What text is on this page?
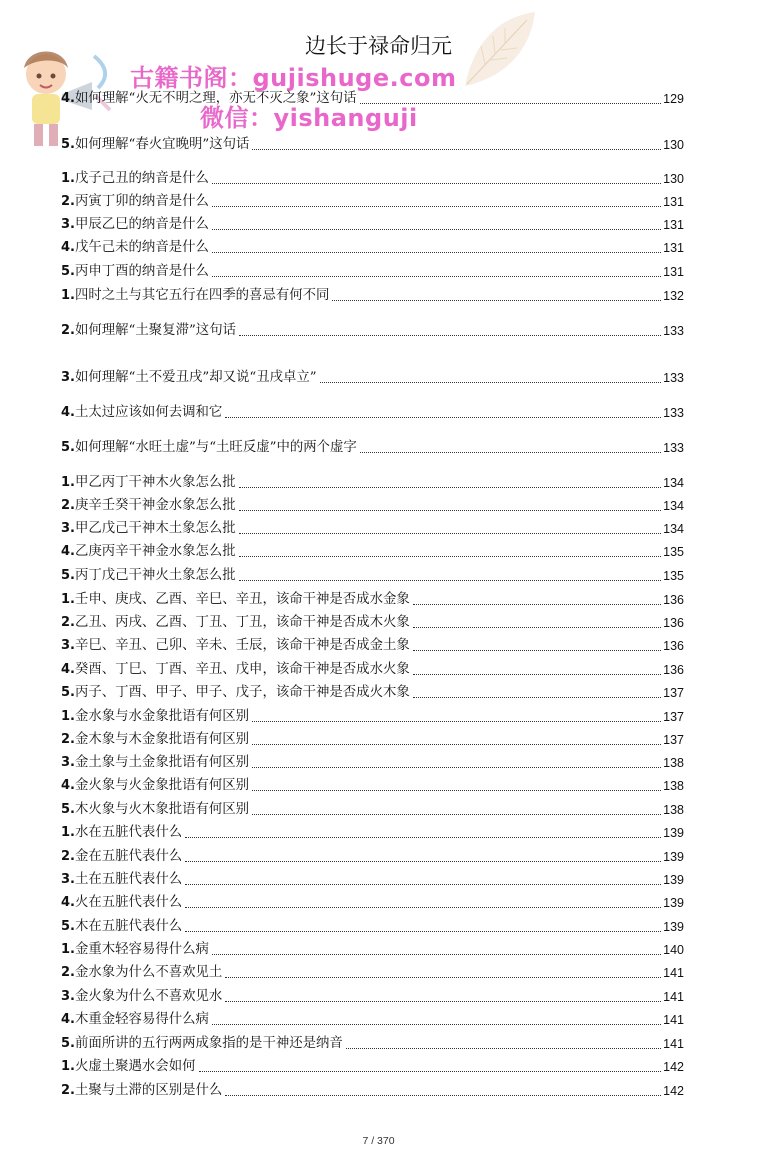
边长于禄命归元
古籍书阁：gujishuge.com
微信：yishanguji
4. 如何理解“火无不明之理，亦无不灭之象”这句话	129
5. 如何理解“春火宜晚明”这句话	130
1. 戊子己丑的纳音是什么	130
2. 丙寅丁卯的纳音是什么	131
3. 甲辰乙巳的纳音是什么	131
4. 戊午己未的纳音是什么	131
5. 丙申丁酉的纳音是什么	131
1. 四时之土与其它五行在四季的喜忌有何不同	132
2. 如何理解“土聚复滞”这句话	133
3. 如何理解“土不爱丑戌”却又说“丑戌卓立”	133
4. 土太过应该如何去调和它	133
5. 如何理解“水旺土虚”与“土旺反虚”中的两个虚字	133
1. 甲乙丙丁干神木火象怎么批	134
2. 庚辛壬癸干神金水象怎么批	134
3. 甲乙戊己干神木土象怎么批	134
4. 乙庚丙辛干神金水象怎么批	135
5. 丙丁戊己干神火土象怎么批	135
1. 壬申、庚戌、乙酉、辛巳、辛丑，该命干神是否成水金象	136
2. 乙丑、丙戌、乙酉、丁丑、丁丑，该命干神是否成木火象	136
3. 辛巳、辛丑、己卯、辛未、壬辰，该命干神是否成金土象	136
4. 癸酉、丁巳、丁酉、辛丑、戊申，该命干神是否成水火象	136
5. 丙子、丁酉、甲子、甲子、戊子，该命干神是否成火木象	137
1. 金水象与水金象批语有何区别	137
2. 金木象与木金象批语有何区别	137
3. 金土象与土金象批语有何区别	138
4. 金火象与火金象批语有何区别	138
5. 木火象与火木象批语有何区别	138
1. 水在五脏代表什么	139
2. 金在五脏代表什么	139
3. 土在五脏代表什么	139
4. 火在五脏代表什么	139
5. 木在五脏代表什么	139
1. 金重木轻容易得什么病	140
2. 金水象为什么不喜欢见土	141
3. 金火象为什么不喜欢见水	141
4. 木重金轻容易得什么病	141
5. 前面所讲的五行两两成象指的是干神还是纳音	141
1. 火虚土聚遇水会如何	142
2. 土聚与土滞的区别是什么	142
7 / 370
